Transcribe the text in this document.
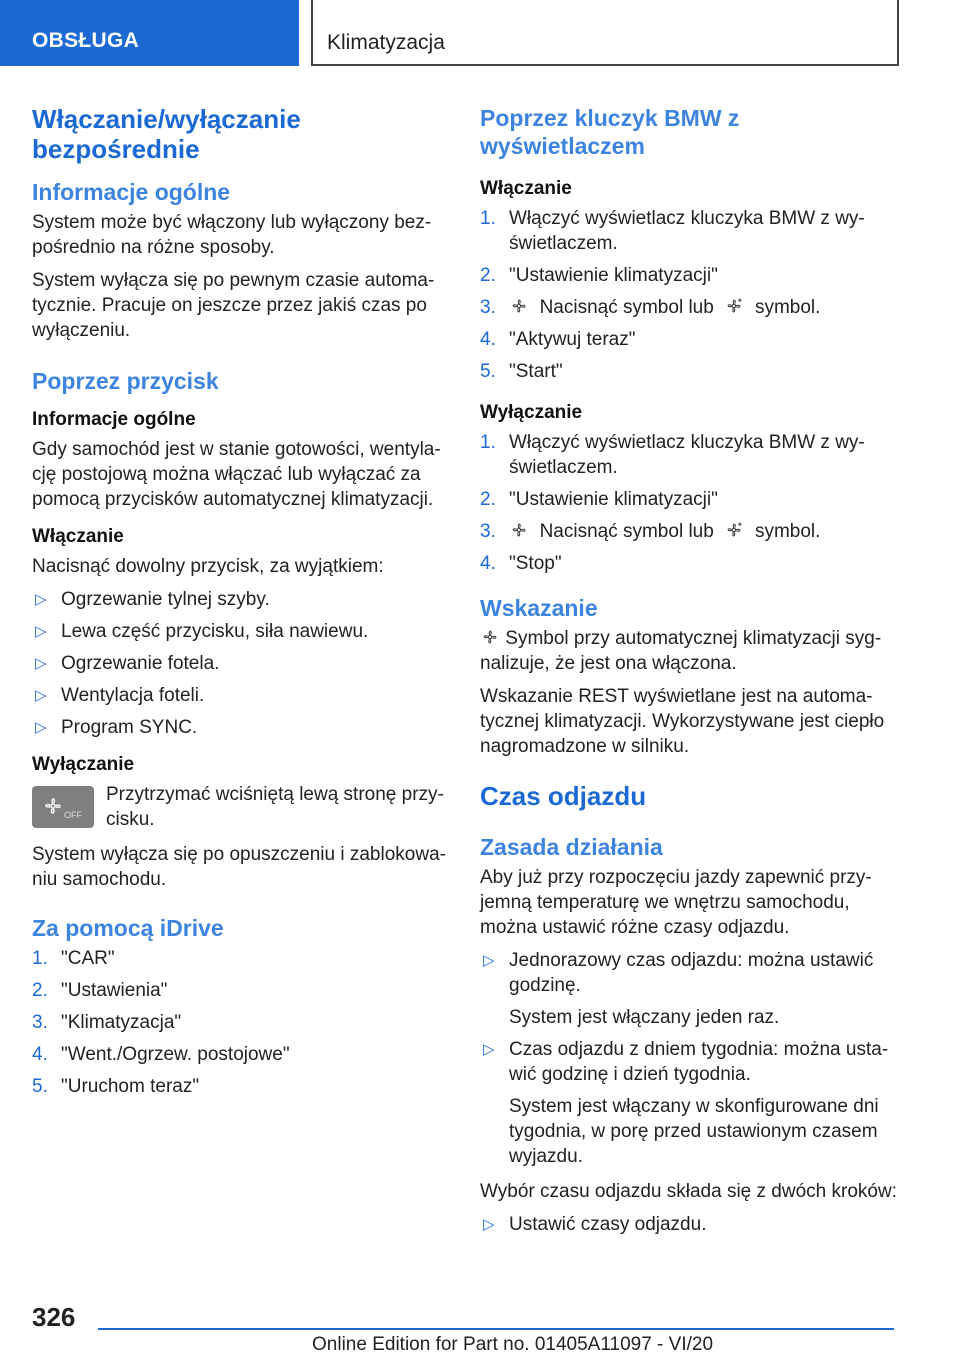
OBSŁUGA	Klimatyzacja
Włączanie/wyłączanie bezpośrednie
Informacje ogólne

System może być włączony lub wyłączony bez‐pośrednio na różne sposoby.

System wyłącza się po pewnym czasie automa‐tycznie. Pracuje on jeszcze przez jakiś czas po wyłączeniu.

Poprzez przycisk
Informacje ogólne

Gdy samochód jest w stanie gotowości, wentyla‐cję postojową można włączać lub wyłączać za pomocą przycisków automatycznej klimatyzacji.

Włączanie

Nacisnąć dowolny przycisk, za wyjątkiem:

▷ Ogrzewanie tylnej szyby.
▷ Lewa część przycisku, siła nawiewu.
▷ Ogrzewanie fotela.
▷ Wentylacja foteli.
▷ Program SYNC.
Wyłączanie
OFF

Przytrzymać wciśniętą lewą stronę przy‐cisku.

System wyłącza się po opuszczeniu i zablokowa‐niu samochodu.

Za pomocą iDrive
1. "CAR"
2. "Ustawienia"
3. "Klimatyzacja"
4. "Went./Ogrzew. postojowe"
5. "Uruchom teraz"
Poprzez kluczyk BMW z wyświetlaczem
Włączanie
1. Włączyć wyświetlacz kluczyka BMW z wy‐świetlaczem.
2. "Ustawienie klimatyzacji"
3. Nacisnąć symbol lub symbol.
4. "Aktywuj teraz"
5. "Start"
Wyłączanie
1. Włączyć wyświetlacz kluczyka BMW z wy‐świetlaczem.
2. "Ustawienie klimatyzacji"
3. Nacisnąć symbol lub symbol.
4. "Stop"
Wskazanie

Symbol przy automatycznej klimatyzacji syg‐nalizuje, że jest ona włączona.

Wskazanie REST wyświetlane jest na automa‐tycznej klimatyzacji. Wykorzystywane jest ciepło nagromadzone w silniku.

Czas odjazdu
Zasada działania

Aby już przy rozpoczęciu jazdy zapewnić przy‐jemną temperaturę we wnętrzu samochodu, można ustawić różne czasy odjazdu.

▷ Jednorazowy czas odjazdu: można ustawić godzinę.
System jest włączany jeden raz.
▷ Czas odjazdu z dniem tygodnia: można usta‐wić godzinę i dzień tygodnia.
System jest włączany w skonfigurowane dni tygodnia, w porę przed ustawionym czasem wyjazdu.

Wybór czasu odjazdu składa się z dwóch kroków:

▷ Ustawić czasy odjazdu.
326
Online Edition for Part no. 01405A11097 - VI/20
